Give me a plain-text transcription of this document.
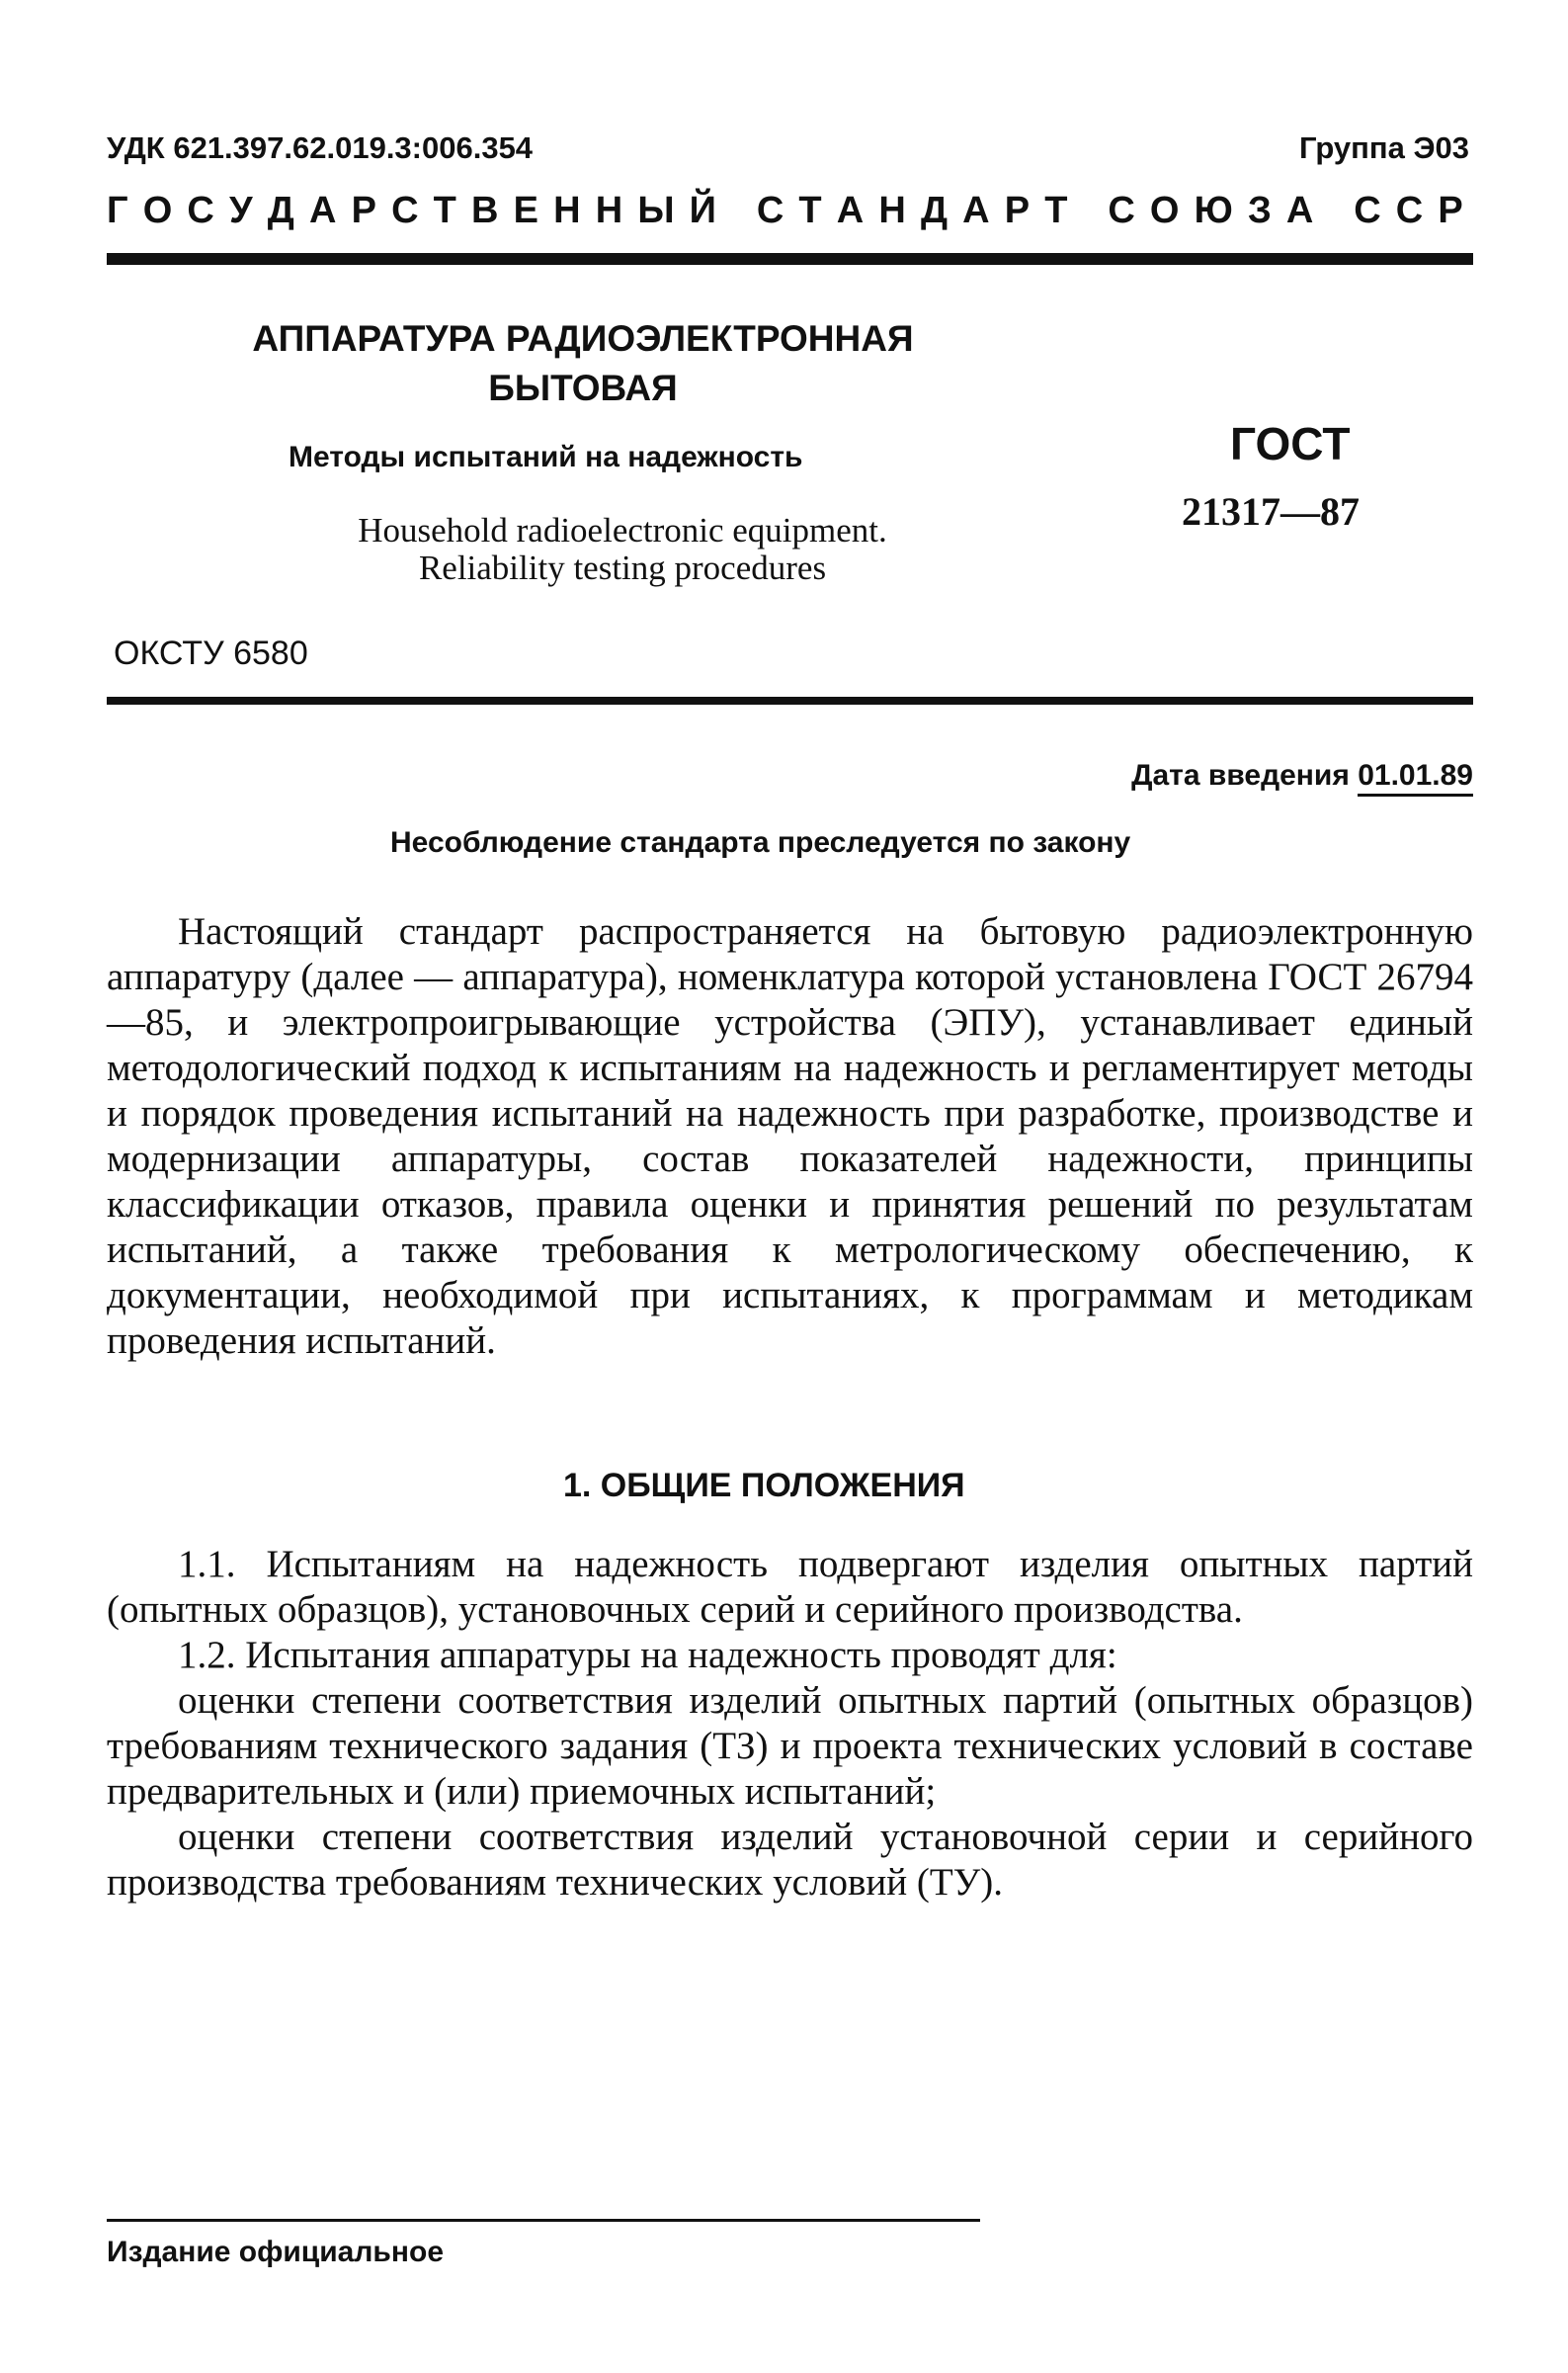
УДК 621.397.62.019.3:006.354	Группа Э03
Г О С У Д А Р С Т В Е Н Н Ы Й
С Т А Н Д А Р Т
С О Ю З А
С С Р
АППАРАТУРА РАДИОЭЛЕКТРОННАЯ
БЫТОВАЯ
Методы испытаний на надежность
Household radioelectronic equipment.
Reliability testing procedures
ГОСТ
21317—87
ОКСТУ 6580
Дата введения 01.01.89
Несоблюдение стандарта преследуется по закону

Настоящий стандарт распространяется на бытовую радиоэлектронную аппаратуру (далее — аппаратура), номенклатура которой установлена ГОСТ 26794—85, и электропроигрывающие устройства (ЭПУ), устанавливает единый методологический подход к испытаниям на надежность и регламентирует методы и порядок проведения испытаний на надежность при разработке, производстве и модернизации аппаратуры, состав показателей надежности, принципы классификации отказов, правила оценки и принятия решений по результатам испытаний, а также требования к метрологическому обеспечению, к документации, необходимой при испытаниях, к программам и методикам проведения испытаний.

1. ОБЩИЕ ПОЛОЖЕНИЯ

1.1. Испытаниям на надежность подвергают изделия опытных партий (опытных образцов), установочных серий и серийного производства.

1.2. Испытания аппаратуры на надежность проводят для:

оценки степени соответствия изделий опытных партий (опытных образцов) требованиям технического задания (ТЗ) и проекта технических условий в составе предварительных и (или) приемочных испытаний;

оценки степени соответствия изделий установочной серии и серийного производства требованиям технических условий (ТУ).

Издание официальное
